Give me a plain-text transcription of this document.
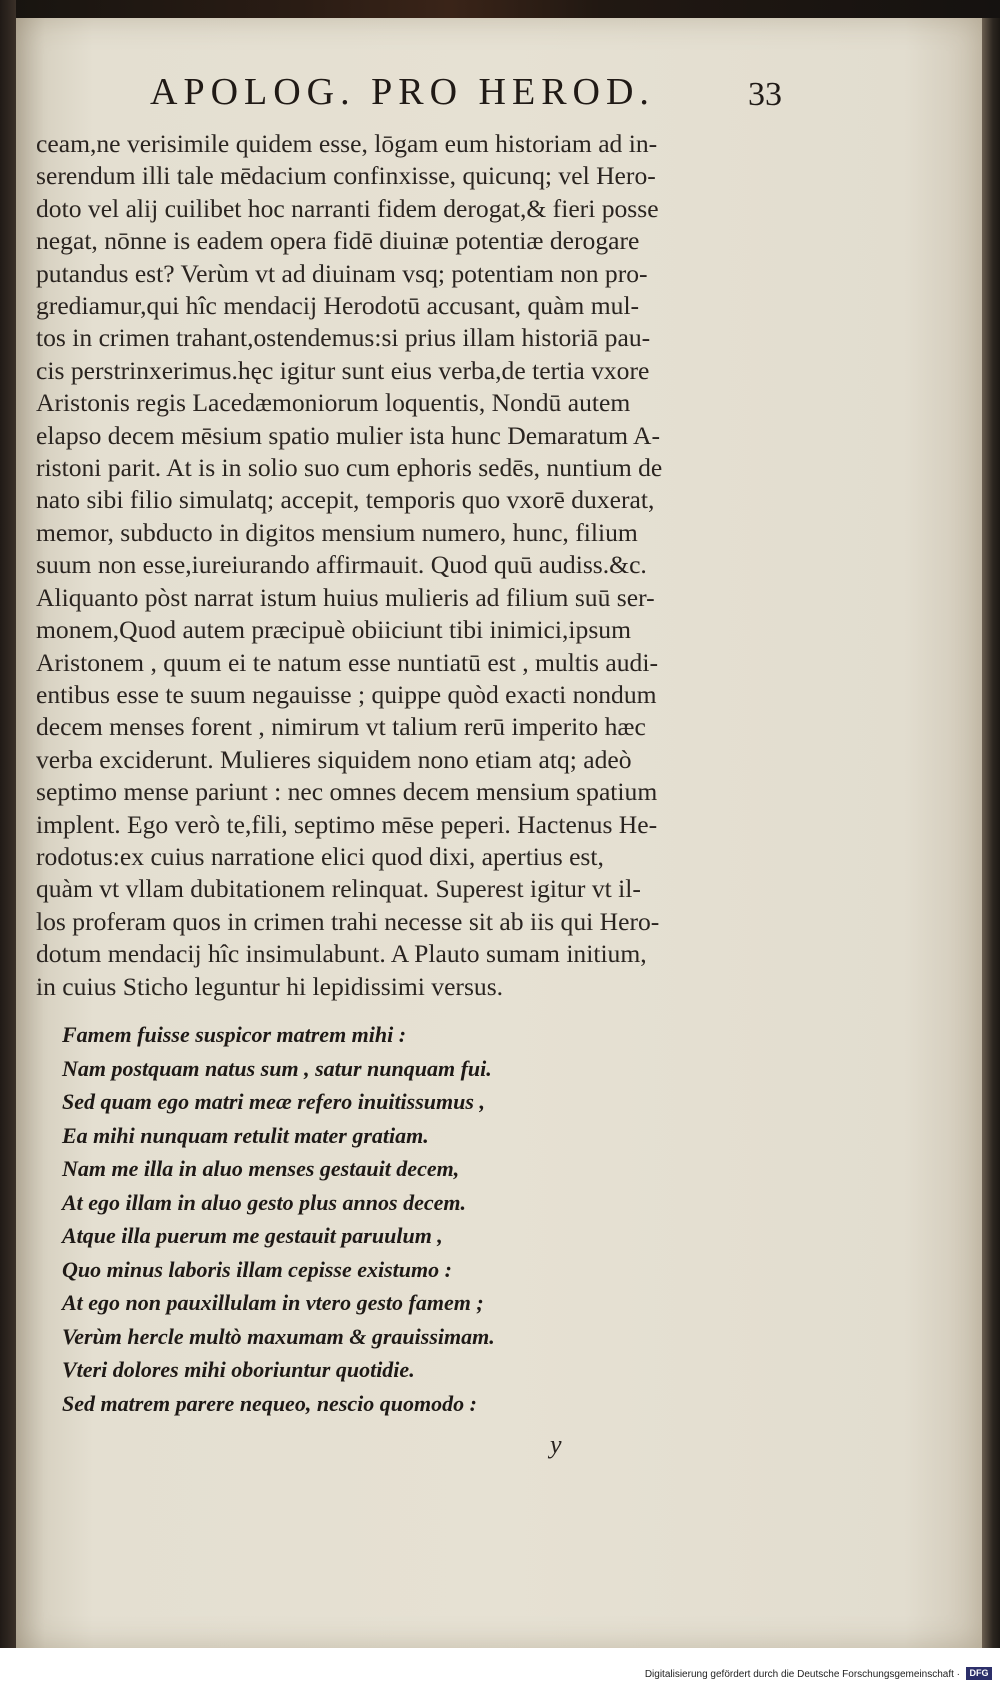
APOLOG. PRO HEROD.	33
ceam,ne verisimile quidem esse, lōgam eum historiam ad in-
serendum illi tale mēdacium confinxisse, quicunq; vel Hero-
doto vel alij cuilibet hoc narranti fidem derogat,& fieri posse
negat, nōnne is eadem opera fidē diuinæ potentiæ derogare
putandus est? Verùm vt ad diuinam vsq; potentiam non pro-
grediamur,qui hîc mendacij Herodotū accusant, quàm mul-
tos in crimen trahant,ostendemus:si prius illam historiā pau-
cis perstrinxerimus.hęc igitur sunt eius verba,de tertia vxore
Aristonis regis Lacedæmoniorum loquentis, Nondū autem
elapso decem mēsium spatio mulier ista hunc Demaratum A-
ristoni parit. At is in solio suo cum ephoris sedēs, nuntium de
nato sibi filio simulatq; accepit, temporis quo vxorē duxerat,
memor, subducto in digitos mensium numero, hunc, filium
suum non esse,iureiurando affirmauit. Quod quū audiss.&c.
Aliquanto pòst narrat istum huius mulieris ad filium suū ser-
monem,Quod autem præcipuè obiiciunt tibi inimici,ipsum
Aristonem , quum ei te natum esse nuntiatū est , multis audi-
entibus esse te suum negauisse ; quippe quòd exacti nondum
decem menses forent , nimirum vt talium rerū imperito hæc
verba exciderunt. Mulieres siquidem nono etiam atq; adeò
septimo mense pariunt : nec omnes decem mensium spatium
implent. Ego verò te,fili, septimo mēse peperi. Hactenus He-
rodotus:ex cuius narratione elici quod dixi, apertius est,
quàm vt vllam dubitationem relinquat. Superest igitur vt il-
los proferam quos in crimen trahi necesse sit ab iis qui Hero-
dotum mendacij hîc insimulabunt. A Plauto sumam initium,
in cuius Sticho leguntur hi lepidissimi versus.
Famem fuisse suspicor matrem mihi :
Nam postquam natus sum , satur nunquam fui.
Sed quam ego matri meæ refero inuitissumus ,
Ea mihi nunquam retulit mater gratiam.
Nam me illa in aluo menses gestauit decem,
At ego illam in aluo gesto plus annos decem.
Atque illa puerum me gestauit paruulum ,
Quo minus laboris illam cepisse existumo :
At ego non pauxillulam in vtero gesto famem ;
Verùm hercle multò maxumam & grauissimam.
Vteri dolores mihi oboriuntur quotidie.
Sed matrem parere nequeo, nescio quomodo :
y
Digitalisierung gefördert durch die Deutsche Forschungsgemeinschaft ·	DFG
